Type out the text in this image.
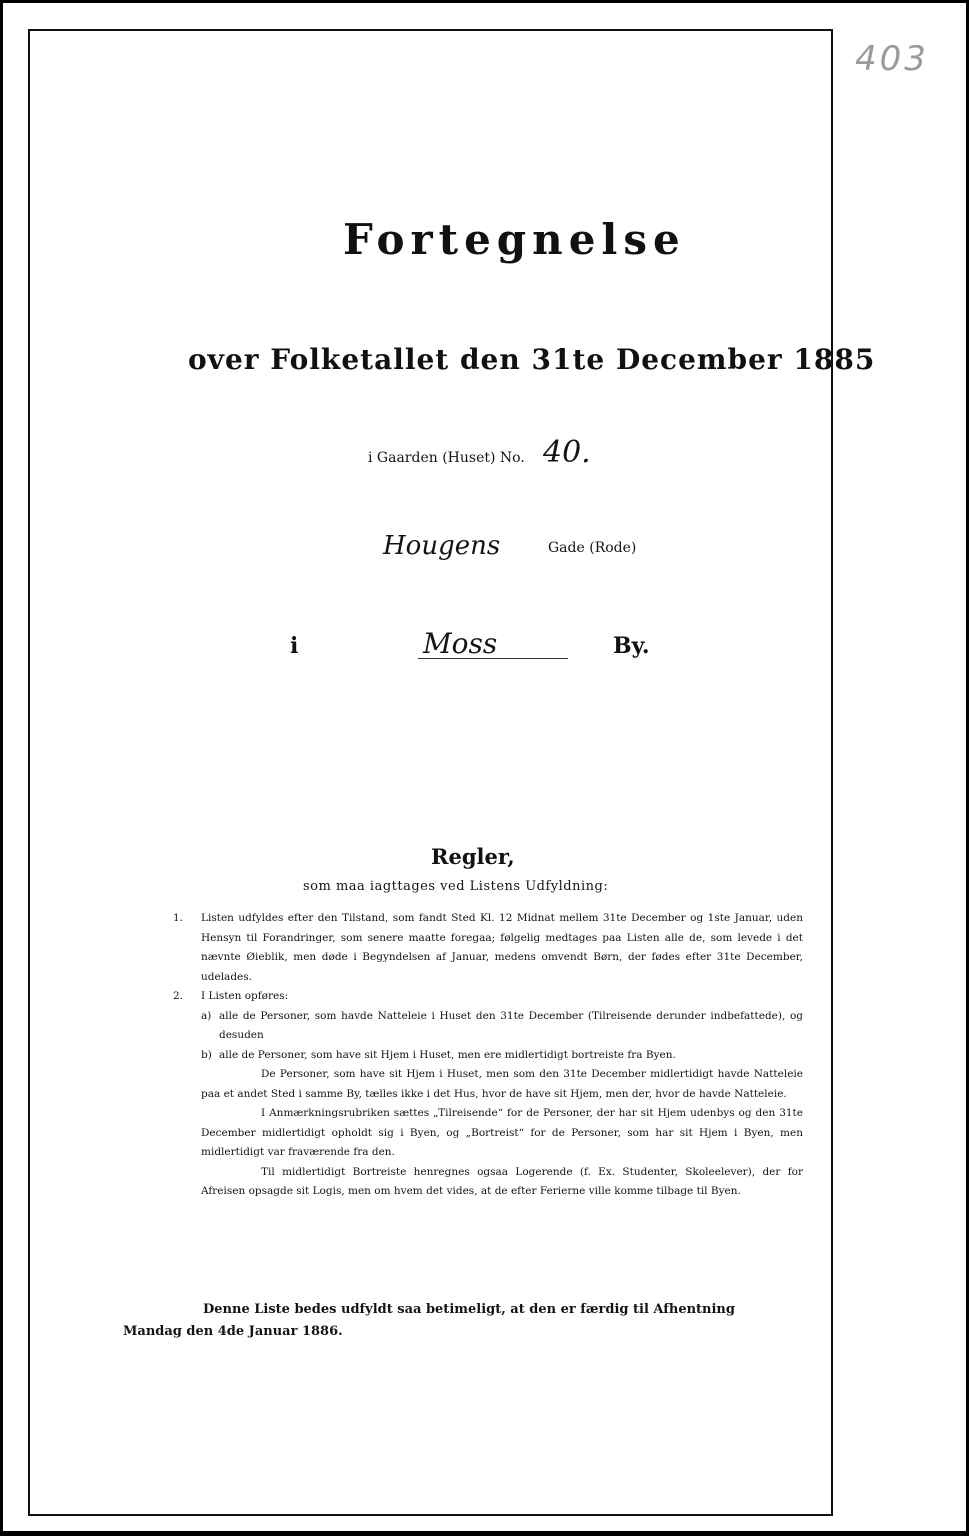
403
Fortegnelse
over Folketallet den 31te December 1885
i Gaarden (Huset) No. 40.
Hougens	Gade (Rode)
i	Moss	By.
Regler,
som maa iagttages ved Listens Udfyldning:
1.	Listen udfyldes efter den Tilstand, som fandt Sted Kl. 12 Midnat mellem 31te December og 1ste Januar, uden Hensyn til Forandringer, som senere maatte foregaa; følgelig medtages paa Listen alle de, som levede i det nævnte Øieblik, men døde i Begyndelsen af Januar, medens omvendt Børn, der fødes efter 31te December, udelades.
2.	I Listen opføres:
a) alle de Personer, som havde Natteleie i Huset den 31te December (Tilreisende derunder indbefattede), og desuden
b) alle de Personer, som have sit Hjem i Huset, men ere midlertidigt bortreiste fra Byen.
De Personer, som have sit Hjem i Huset, men som den 31te December midlertidigt havde Natteleie paa et andet Sted i samme By, tælles ikke i det Hus, hvor de have sit Hjem, men der, hvor de havde Natteleie.
I Anmærkningsrubriken sættes „Tilreisende“ for de Personer, der har sit Hjem udenbys og den 31te December midlertidigt opholdt sig i Byen, og „Bortreist“ for de Personer, som har sit Hjem i Byen, men midlertidigt var fraværende fra den.
Til midlertidigt Bortreiste henregnes ogsaa Logerende (f. Ex. Studenter, Skoleelever), der for Afreisen opsagde sit Logis, men om hvem det vides, at de efter Ferierne ville komme tilbage til Byen.
Denne Liste bedes udfyldt saa betimeligt, at den er færdig til Afhentning
Mandag den 4de Januar 1886.
